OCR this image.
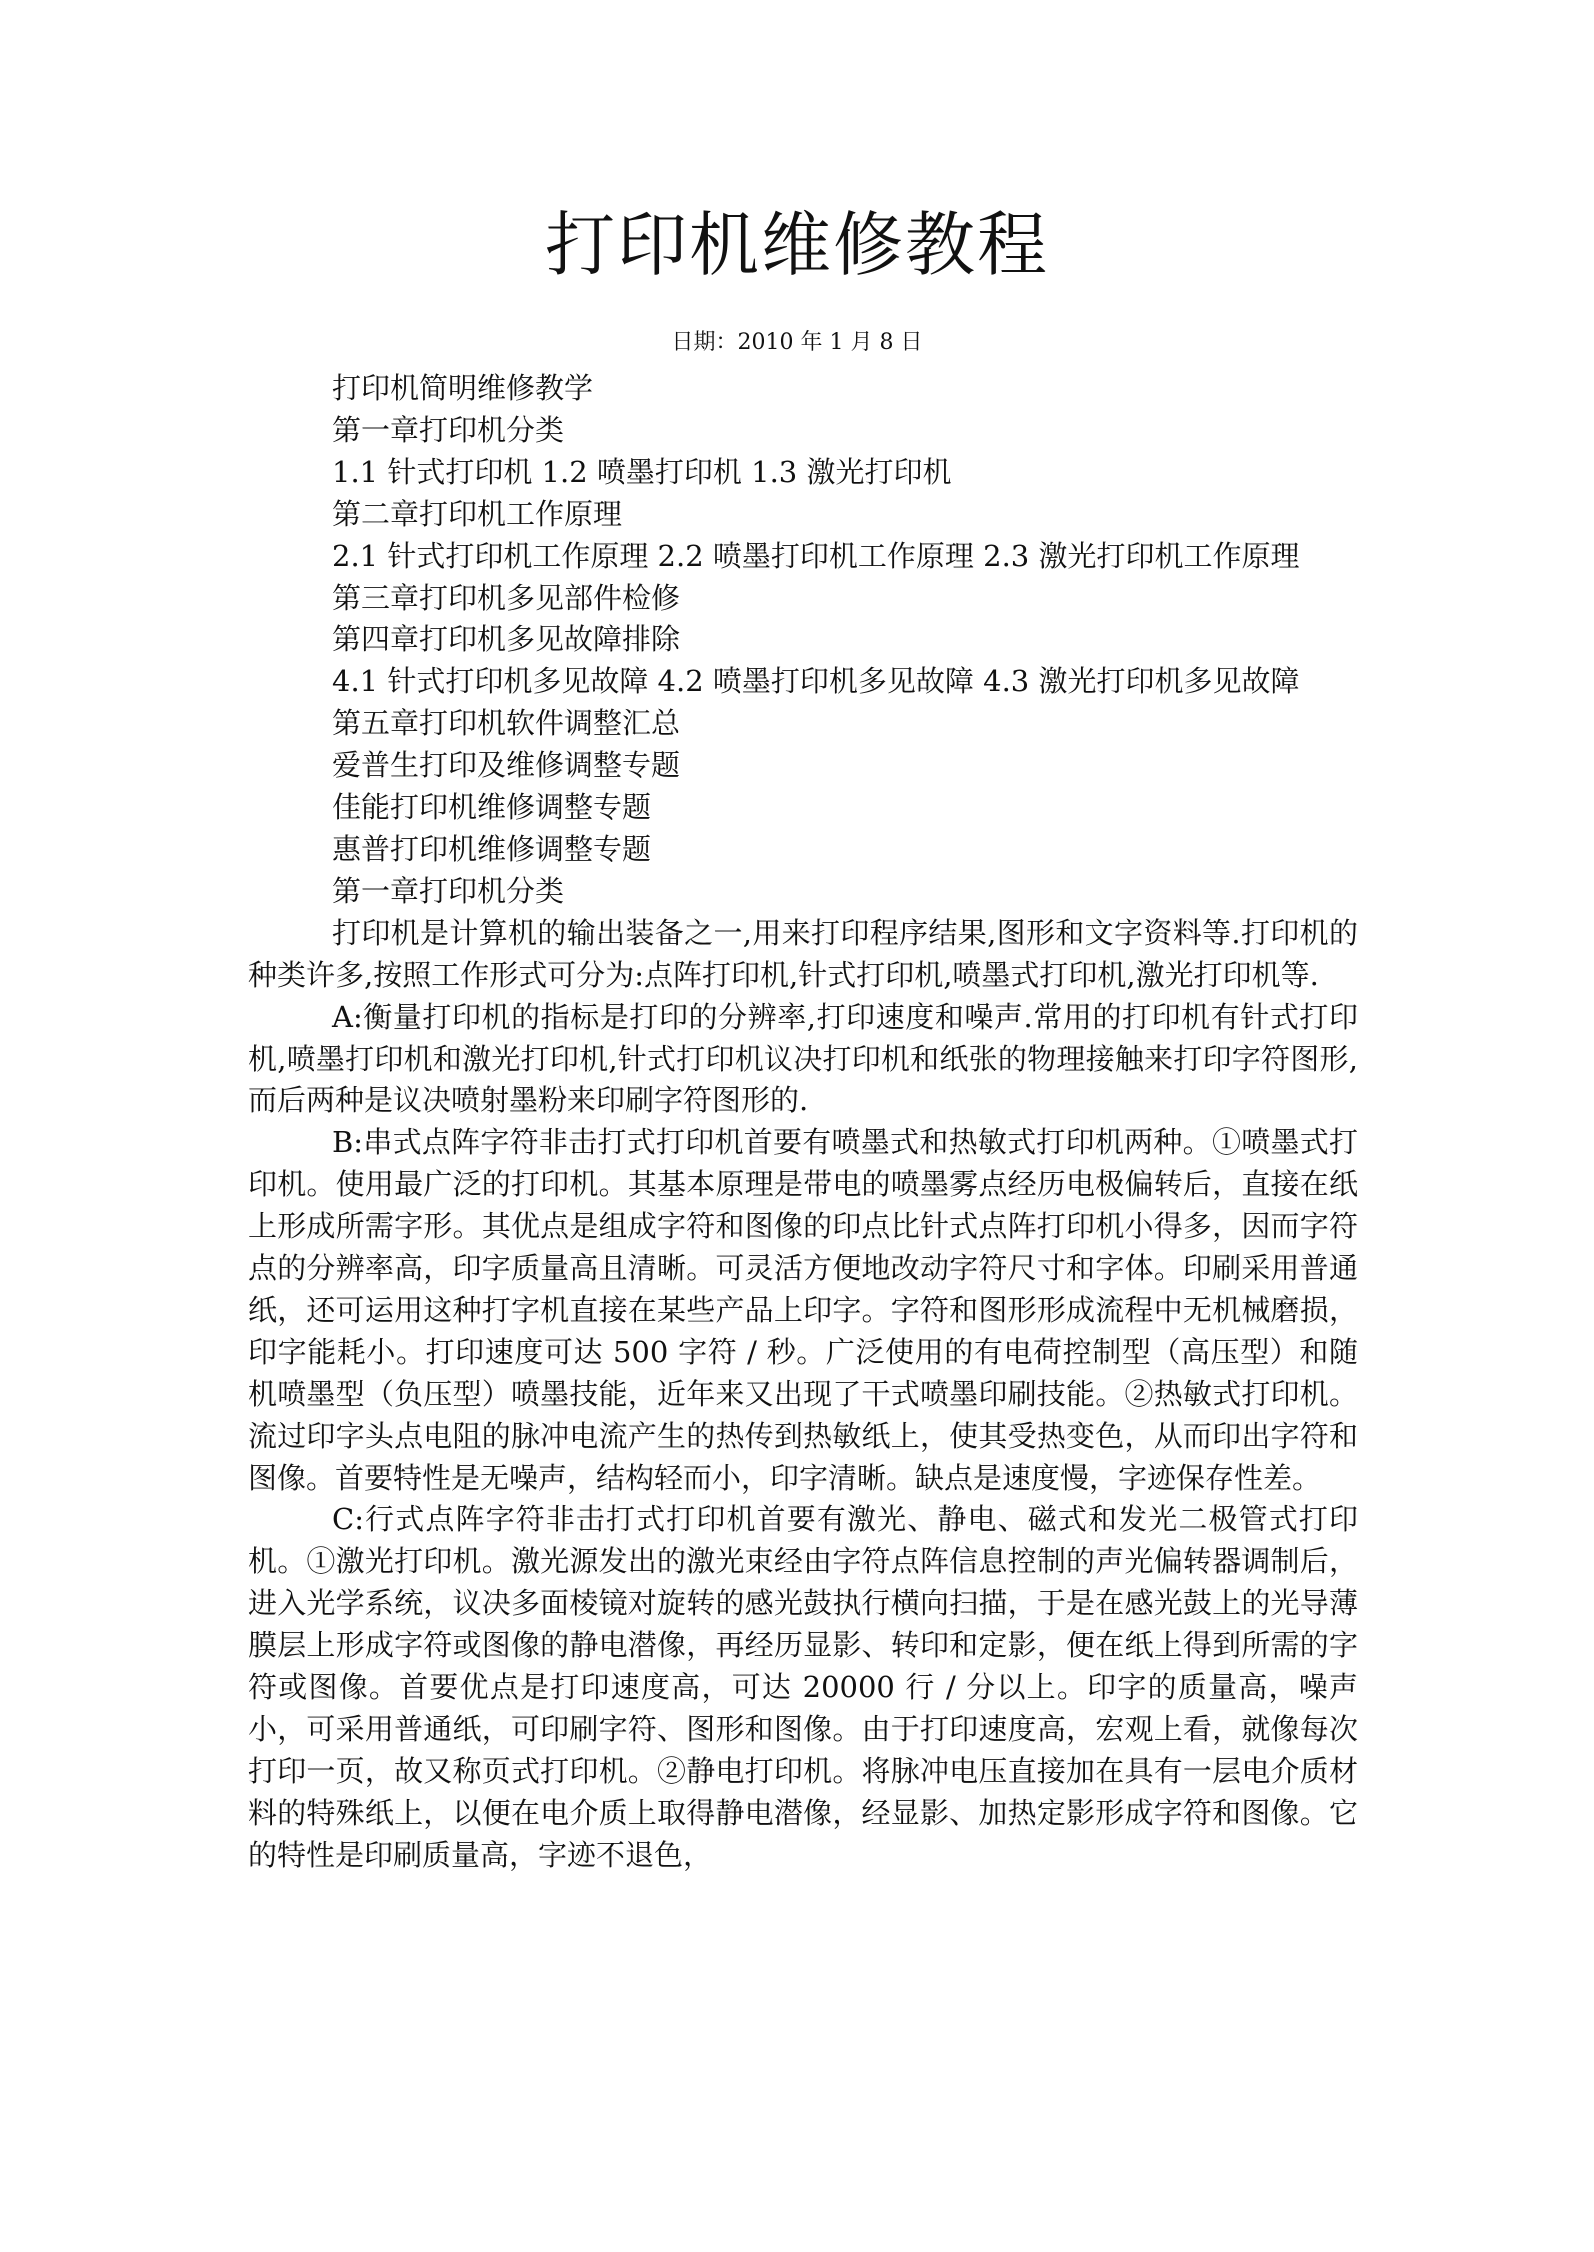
打印机维修教程
日期：2010 年 1 月 8 日

打印机简明维修教学

第一章打印机分类

1.1 针式打印机 1.2 喷墨打印机 1.3 激光打印机

第二章打印机工作原理

2.1 针式打印机工作原理 2.2 喷墨打印机工作原理 2.3 激光打印机工作原理

第三章打印机多见部件检修

第四章打印机多见故障排除

4.1 针式打印机多见故障 4.2 喷墨打印机多见故障 4.3 激光打印机多见故障

第五章打印机软件调整汇总

爱普生打印及维修调整专题

佳能打印机维修调整专题

惠普打印机维修调整专题

第一章打印机分类

打印机是计算机的输出装备之一,用来打印程序结果,图形和文字资料等.打印机的种类许多,按照工作形式可分为:点阵打印机,针式打印机,喷墨式打印机,激光打印机等.

A:衡量打印机的指标是打印的分辨率,打印速度和噪声.常用的打印机有针式打印机,喷墨打印机和激光打印机,针式打印机议决打印机和纸张的物理接触来打印字符图形,而后两种是议决喷射墨粉来印刷字符图形的.

B:串式点阵字符非击打式打印机首要有喷墨式和热敏式打印机两种。①喷墨式打印机。使用最广泛的打印机。其基本原理是带电的喷墨雾点经历电极偏转后，直接在纸上形成所需字形。其优点是组成字符和图像的印点比针式点阵打印机小得多，因而字符点的分辨率高，印字质量高且清晰。可灵活方便地改动字符尺寸和字体。印刷采用普通纸，还可运用这种打字机直接在某些产品上印字。字符和图形形成流程中无机械磨损，印字能耗小。打印速度可达 500 字符 / 秒。广泛使用的有电荷控制型（高压型）和随机喷墨型（负压型）喷墨技能，近年来又出现了干式喷墨印刷技能。②热敏式打印机。流过印字头点电阻的脉冲电流产生的热传到热敏纸上，使其受热变色，从而印出字符和图像。首要特性是无噪声，结构轻而小，印字清晰。缺点是速度慢，字迹保存性差。

C:行式点阵字符非击打式打印机首要有激光、静电、磁式和发光二极管式打印机。①激光打印机。激光源发出的激光束经由字符点阵信息控制的声光偏转器调制后，进入光学系统，议决多面棱镜对旋转的感光鼓执行横向扫描，于是在感光鼓上的光导薄膜层上形成字符或图像的静电潜像，再经历显影、转印和定影，便在纸上得到所需的字符或图像。首要优点是打印速度高，可达 20000 行 / 分以上。印字的质量高，噪声小，可采用普通纸，可印刷字符、图形和图像。由于打印速度高，宏观上看，就像每次打印一页，故又称页式打印机。②静电打印机。将脉冲电压直接加在具有一层电介质材料的特殊纸上，以便在电介质上取得静电潜像，经显影、加热定影形成字符和图像。它的特性是印刷质量高，字迹不退色，
